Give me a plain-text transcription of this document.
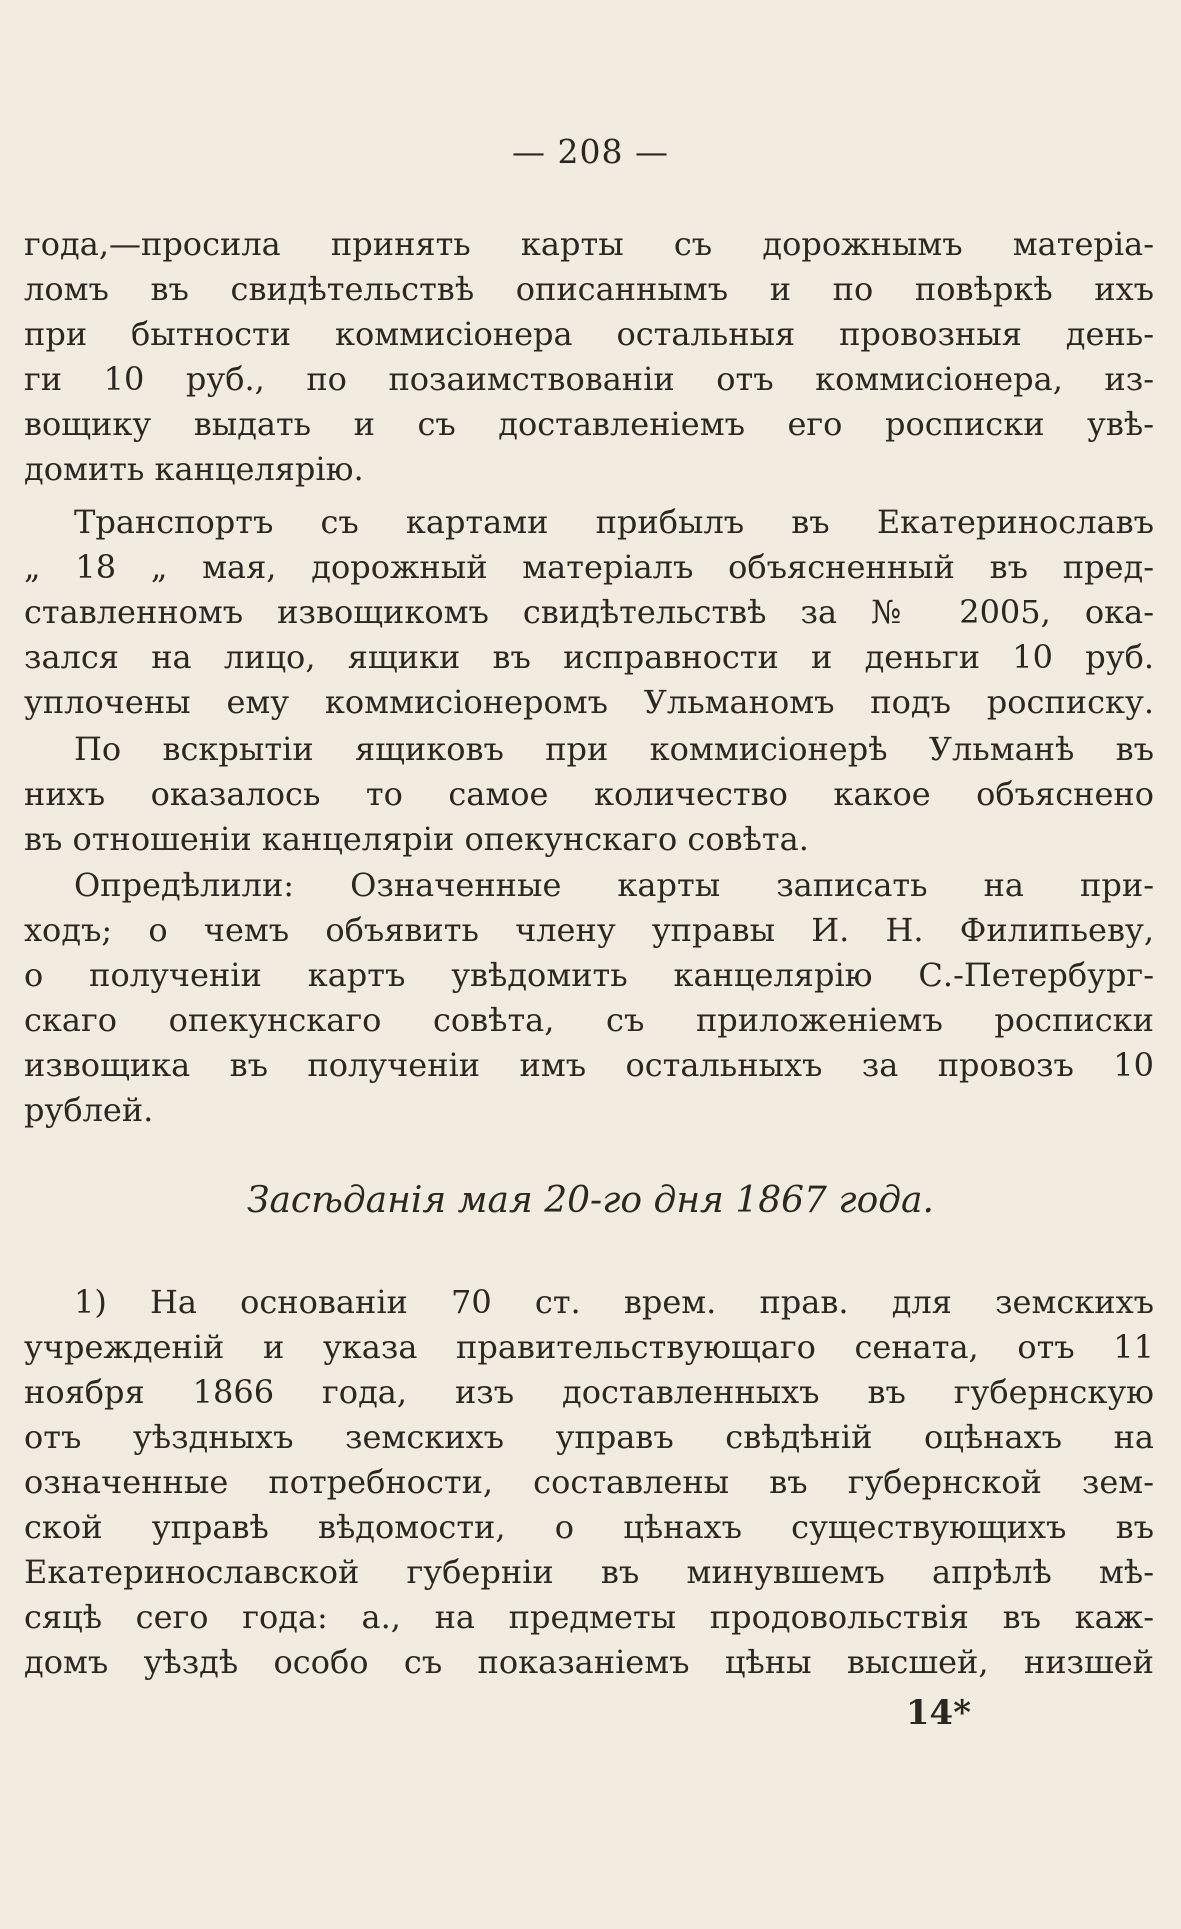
— 208 —
года,—просила принять карты съ дорожнымъ матеріа-
ломъ въ свидѣтельствѣ описаннымъ и по повѣркѣ ихъ
при бытности коммисіонера остальныя провозныя день-
ги 10 руб., по позаимствованіи отъ коммисіонера, из-
вощику выдать и съ доставленіемъ его росписки увѣ-
домить канцелярію.
Транспортъ съ картами прибылъ въ Екатеринославъ
„ 18 „ мая, дорожный матеріалъ объясненный въ пред-
ставленномъ извощикомъ свидѣтельствѣ за № 2005, ока-
зался на лицо, ящики въ исправности и деньги 10 руб.
уплочены ему коммисіонеромъ Ульманомъ подъ росписку.
По вскрытіи ящиковъ при коммисіонерѣ Ульманѣ въ
нихъ оказалось то самое количество какое объяснено
въ отношеніи канцеляріи опекунскаго совѣта.
Опредѣлили: Означенные карты записать на при-
ходъ; о чемъ объявить члену управы И. Н. Филипьеву,
о полученіи картъ увѣдомить канцелярію С.-Петербург-
скаго опекунскаго совѣта, съ приложеніемъ росписки
извощика въ полученіи имъ остальныхъ за провозъ 10
рублей.
Засѣданія мая 20-го дня 1867 года.
1) На основаніи 70 ст. врем. прав. для земскихъ
учрежденій и указа правительствующаго сената, отъ 11
ноября 1866 года, изъ доставленныхъ въ губернскую
отъ уѣздныхъ земскихъ управъ свѣдѣній оцѣнахъ на
означенные потребности, составлены въ губернской зем-
ской управѣ вѣдомости, о цѣнахъ существующихъ въ
Екатеринославской губерніи въ минувшемъ апрѣлѣ мѣ-
сяцѣ сего года: а., на предметы продовольствія въ каж-
домъ уѣздѣ особо съ показаніемъ цѣны высшей, низшей
14*
